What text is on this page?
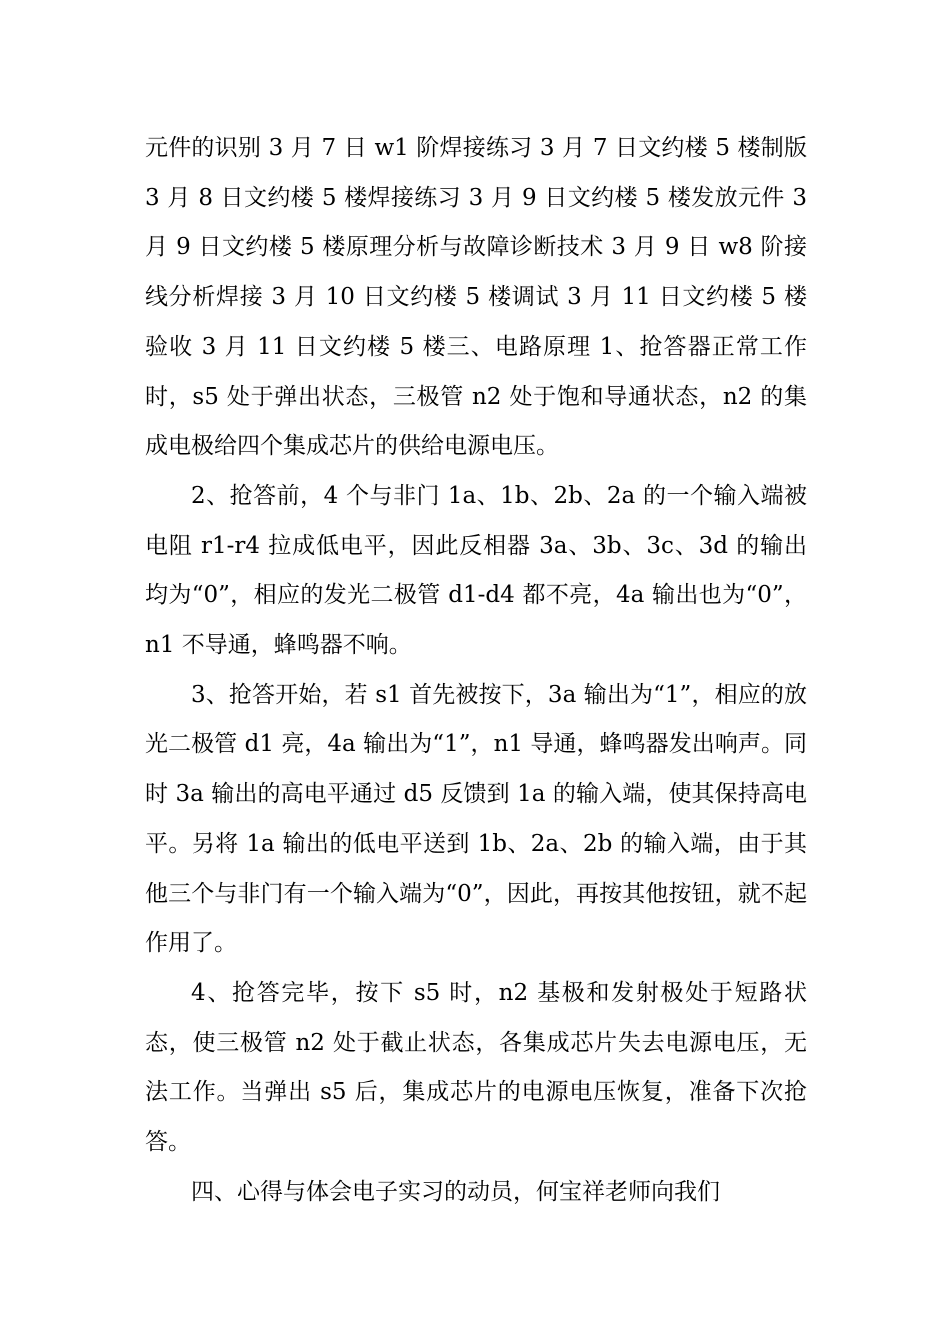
元件的识别 3 月 7 日 w1 阶焊接练习 3 月 7 日文约楼 5 楼制版 3 月 8 日文约楼 5 楼焊接练习 3 月 9 日文约楼 5 楼发放元件 3 月 9 日文约楼 5 楼原理分析与故障诊断技术 3 月 9 日 w8 阶接线分析焊接 3 月 10 日文约楼 5 楼调试 3 月 11 日文约楼 5 楼验收 3 月 11 日文约楼 5 楼三、电路原理 1、抢答器正常工作时，s5 处于弹出状态，三极管 n2 处于饱和导通状态，n2 的集成电极给四个集成芯片的供给电源电压。

2、抢答前，4 个与非门 1a、1b、2b、2a 的一个输入端被电阻 r1-r4 拉成低电平，因此反相器 3a、3b、3c、3d 的输出均为“0”，相应的发光二极管 d1-d4 都不亮，4a 输出也为“0”，n1 不导通，蜂鸣器不响。

3、抢答开始，若 s1 首先被按下，3a 输出为“1”，相应的放光二极管 d1 亮，4a 输出为“1”，n1 导通，蜂鸣器发出响声。同时 3a 输出的高电平通过 d5 反馈到 1a 的输入端，使其保持高电平。另将 1a 输出的低电平送到 1b、2a、2b 的输入端，由于其他三个与非门有一个输入端为“0”，因此，再按其他按钮，就不起作用了。

4、抢答完毕，按下 s5 时，n2 基极和发射极处于短路状态，使三极管 n2 处于截止状态，各集成芯片失去电源电压，无法工作。当弹出 s5 后，集成芯片的电源电压恢复，准备下次抢答。

四、心得与体会电子实习的动员，何宝祥老师向我们
